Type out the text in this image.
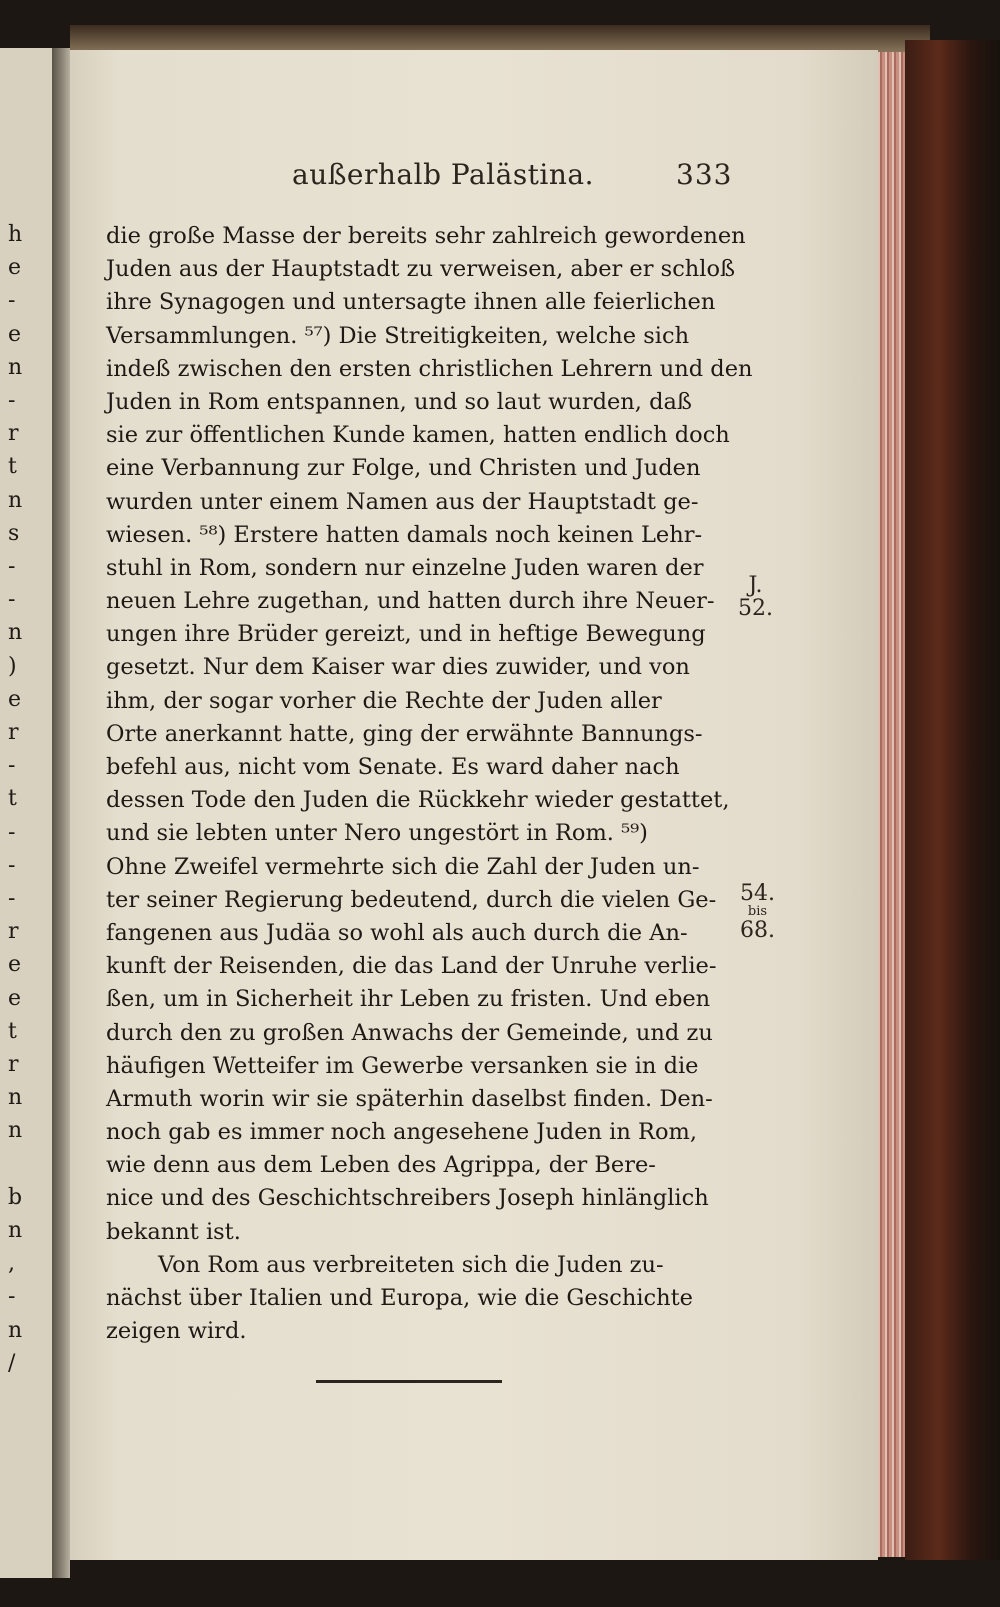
h
e
-
e
n
-
r
t
n
s
-
-
n
)
e
r
-
t
-
-
-
r
e
e
t
r
n
n
b
n
,
-
n
/
außerhalb Palästina.	333
die große Masse der bereits sehr zahlreich gewordenen
Juden aus der Hauptstadt zu verweisen, aber er schloß
ihre Synagogen und untersagte ihnen alle feierlichen
Versammlungen. ⁵⁷) Die Streitigkeiten, welche sich
indeß zwischen den ersten christlichen Lehrern und den
Juden in Rom entspannen, und so laut wurden, daß
sie zur öffentlichen Kunde kamen, hatten endlich doch
eine Verbannung zur Folge, und Christen und Juden
wurden unter einem Namen aus der Hauptstadt ge-
wiesen. ⁵⁸) Erstere hatten damals noch keinen Lehr-
stuhl in Rom, sondern nur einzelne Juden waren der
neuen Lehre zugethan, und hatten durch ihre Neuer-
ungen ihre Brüder gereizt, und in heftige Bewegung
gesetzt. Nur dem Kaiser war dies zuwider, und von
ihm, der sogar vorher die Rechte der Juden aller
Orte anerkannt hatte, ging der erwähnte Bannungs-
befehl aus, nicht vom Senate. Es ward daher nach
dessen Tode den Juden die Rückkehr wieder gestattet,
und sie lebten unter Nero ungestört in Rom. ⁵⁹)
Ohne Zweifel vermehrte sich die Zahl der Juden un-
ter seiner Regierung bedeutend, durch die vielen Ge-
fangenen aus Judäa so wohl als auch durch die An-
kunft der Reisenden, die das Land der Unruhe verlie-
ßen, um in Sicherheit ihr Leben zu fristen. Und eben
durch den zu großen Anwachs der Gemeinde, und zu
häufigen Wetteifer im Gewerbe versanken sie in die
Armuth worin wir sie späterhin daselbst finden. Den-
noch gab es immer noch angesehene Juden in Rom,
wie denn aus dem Leben des Agrippa, der Bere-
nice und des Geschichtschreibers Joseph hinlänglich
bekannt ist.
Von Rom aus verbreiteten sich die Juden zu-
nächst über Italien und Europa, wie die Geschichte
zeigen wird.
J.
52.
54.
bis
68.
